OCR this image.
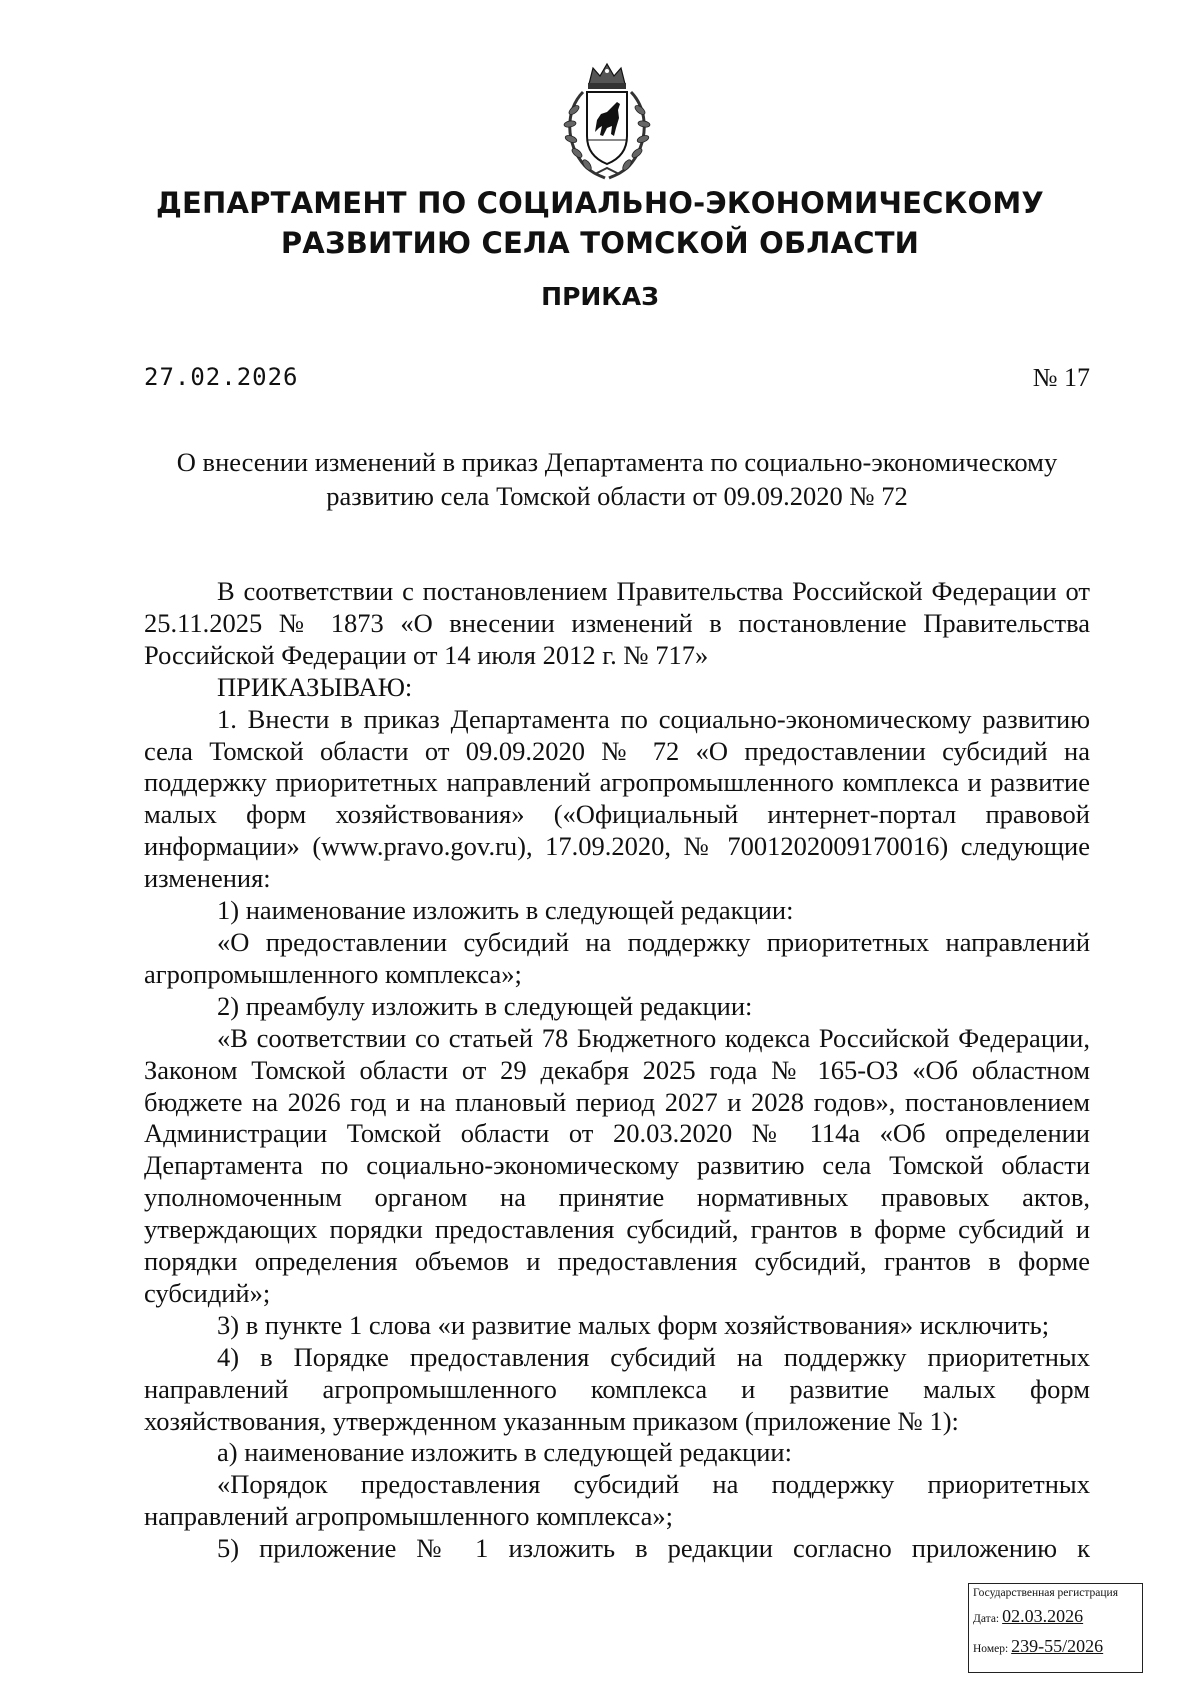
ДЕПАРТАМЕНТ ПО СОЦИАЛЬНО-ЭКОНОМИЧЕСКОМУ
РАЗВИТИЮ СЕЛА ТОМСКОЙ ОБЛАСТИ
ПРИКАЗ
27.02.2026	№ 17
О внесении изменений в приказ Департамента по социально-экономическому развитию села Томской области от 09.09.2020 № 72

В соответствии с постановлением Правительства Российской Федерации от 25.11.2025 № 1873 «О внесении изменений в постановление Правительства Российской Федерации от 14 июля 2012 г. № 717»

ПРИКАЗЫВАЮ:

1. Внести в приказ Департамента по социально-экономическому развитию села Томской области от 09.09.2020 № 72 «О предоставлении субсидий на поддержку приоритетных направлений агропромышленного комплекса и развитие малых форм хозяйствования» («Официальный интернет-портал правовой информации» (www.pravo.gov.ru), 17.09.2020, № 7001202009170016) следующие изменения:

1) наименование изложить в следующей редакции:

«О предоставлении субсидий на поддержку приоритетных направлений агропромышленного комплекса»;

2) преамбулу изложить в следующей редакции:

«В соответствии со статьей 78 Бюджетного кодекса Российской Федерации, Законом Томской области от 29 декабря 2025 года № 165-ОЗ «Об областном бюджете на 2026 год и на плановый период 2027 и 2028 годов», постановлением Администрации Томской области от 20.03.2020 № 114а «Об определении Департамента по социально-экономическому развитию села Томской области уполномоченным органом на принятие нормативных правовых актов, утверждающих порядки предоставления субсидий, грантов в форме субсидий и порядки определения объемов и предоставления субсидий, грантов в форме субсидий»;

3) в пункте 1 слова «и развитие малых форм хозяйствования» исключить;

4) в Порядке предоставления субсидий на поддержку приоритетных направлений агропромышленного комплекса и развитие малых форм хозяйствования, утвержденном указанным приказом (приложение № 1):

а) наименование изложить в следующей редакции:

«Порядок предоставления субсидий на поддержку приоритетных направлений агропромышленного комплекса»;

5) приложение № 1 изложить в редакции согласно приложению к

Государственная регистрация
Дата: 02.03.2026
Номер: 239-55/2026
